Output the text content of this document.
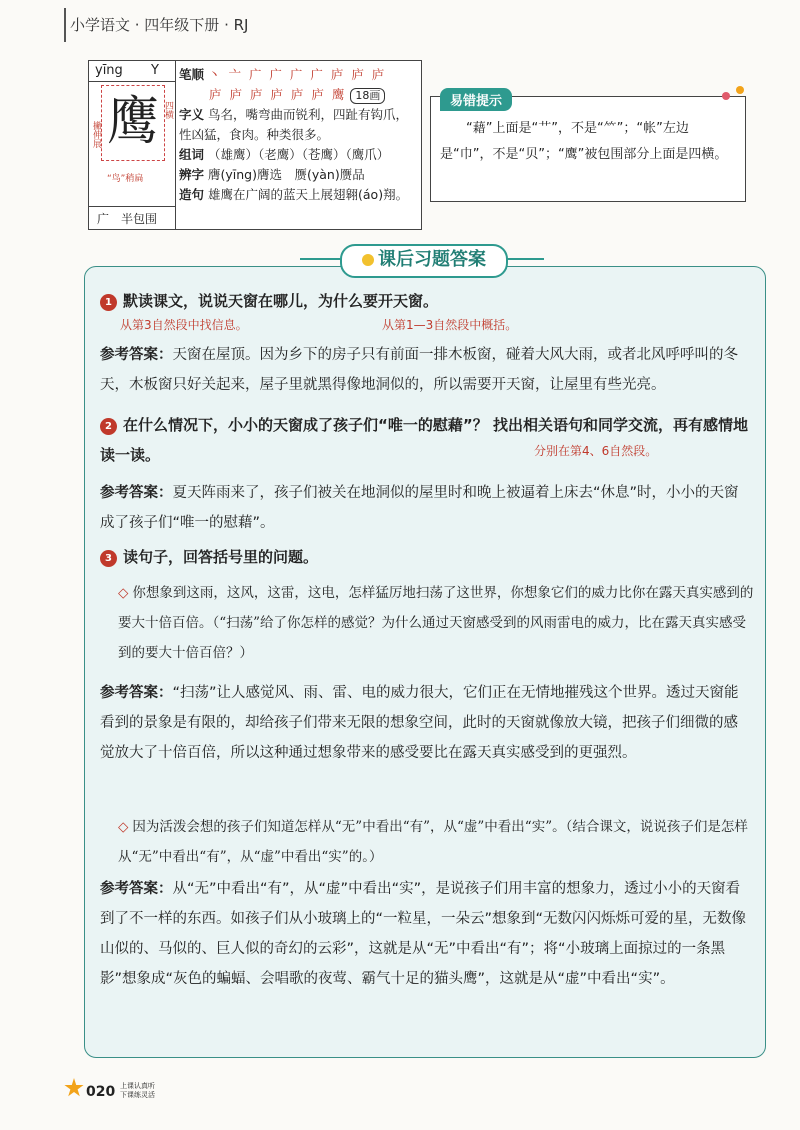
小学语文 · 四年级下册 · RJ
yīng Y
鹰 四横
撇伸展
“鸟”稍扁
广 半包围
笔顺 丶 亠 广 广 广 广 庐 庐 庐
庐 庐 庐 庐 庐 庐 鹰 18画
字义 鸟名，嘴弯曲而锐利，四趾有钩爪，性凶猛，食肉。种类很多。
组词 （雄鹰）（老鹰）（苍鹰）（鹰爪）
辨字 膺(yīng)膺选　赝(yàn)赝品
造句 雄鹰在广阔的蓝天上展翅翱(áo)翔。
易错提示
“藉”上面是“艹”，不是“⺮”；“帐”左边是“巾”，不是“贝”；“鹰”被包围部分上面是四横。
课后习题答案
1 默读课文，说说天窗在哪儿，为什么要开天窗。
从第3自然段中找信息。	从第1—3自然段中概括。
参考答案：天窗在屋顶。因为乡下的房子只有前面一排木板窗，碰着大风大雨，或者北风呼呼叫的冬天，木板窗只好关起来，屋子里就黑得像地洞似的，所以需要开天窗，让屋里有些光亮。
2 在什么情况下，小小的天窗成了孩子们“唯一的慰藉”？ 找出相关语句和同学交流，再有感情地读一读。	分别在第4、6自然段。
参考答案：夏天阵雨来了，孩子们被关在地洞似的屋里时和晚上被逼着上床去“休息”时，小小的天窗成了孩子们“唯一的慰藉”。
3 读句子，回答括号里的问题。
◇ 你想象到这雨，这风，这雷，这电，怎样猛厉地扫荡了这世界，你想象它们的威力比你在露天真实感到的要大十倍百倍。（“扫荡”给了你怎样的感觉？为什么通过天窗感受到的风雨雷电的威力，比在露天真实感受到的要大十倍百倍？）
参考答案：“扫荡”让人感觉风、雨、雷、电的威力很大，它们正在无情地摧残这个世界。透过天窗能看到的景象是有限的，却给孩子们带来无限的想象空间，此时的天窗就像放大镜，把孩子们细微的感觉放大了十倍百倍，所以这种通过想象带来的感受要比在露天真实感受到的更强烈。
◇ 因为活泼会想的孩子们知道怎样从“无”中看出“有”，从“虚”中看出“实”。（结合课文，说说孩子们是怎样从“无”中看出“有”，从“虚”中看出“实”的。）
参考答案：从“无”中看出“有”，从“虚”中看出“实”，是说孩子们用丰富的想象力，透过小小的天窗看到了不一样的东西。如孩子们从小玻璃上的“一粒星，一朵云”想象到“无数闪闪烁烁可爱的星，无数像山似的、马似的、巨人似的奇幻的云彩”，这就是从“无”中看出“有”；将“小玻璃上面掠过的一条黑影”想象成“灰色的蝙蝠、会唱歌的夜莺、霸气十足的猫头鹰”，这就是从“虚”中看出“实”。
020 上课认真听
下课练灵活
